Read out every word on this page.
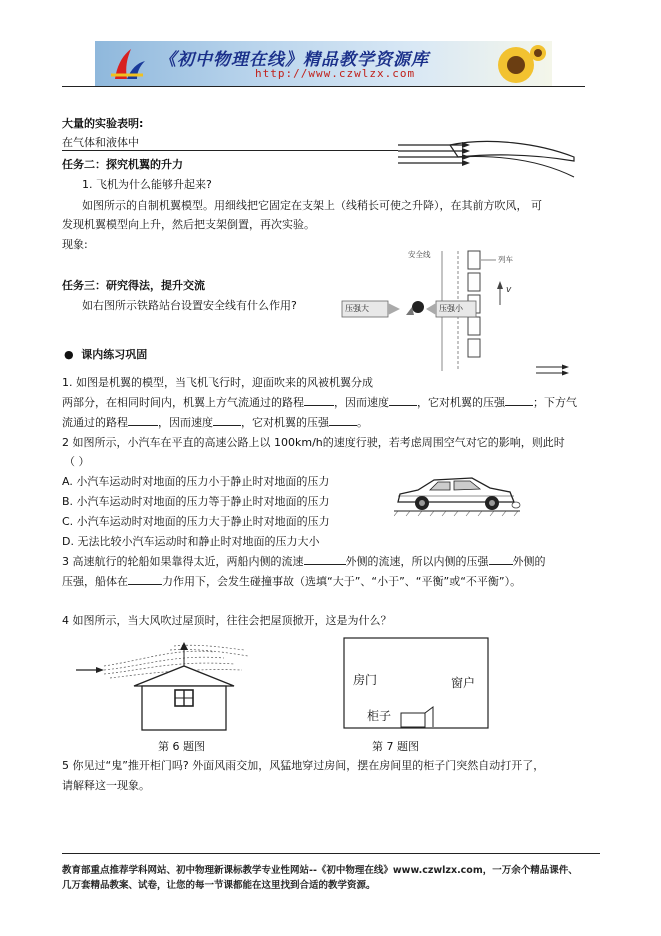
《初中物理在线》精品教学资源库
http://www.czwlzx.com
大量的实验表明:
在气体和液体中
任务二：探究机翼的升力
1. 飞机为什么能够升起来?
如图所示的自制机翼模型。用细线把它固定在支架上（线稍长可使之升降），在其前方吹风， 可
发现机翼模型向上升，然后把支架倒置，再次实验。
现象:
任务三：研究得法，提升交流
如右图所示铁路站台设置安全线有什么作用?
安全线
列车
v
压强大	压强小
●  课内练习巩固
1. 如图是机翼的模型，当飞机飞行时，迎面吹来的风被机翼分成
两部分，在相同时间内，机翼上方气流通过的路程	，因而速度	，它对机翼的压强	；下方气
流通过的路程	，因而速度	，它对机翼的压强	。
2 如图所示，小汽车在平直的高速公路上以 100km/h的速度行驶，若考虑周围空气对它的影响，则此时
（ ）
A. 小汽车运动时对地面的压力小于静止时对地面的压力
B. 小汽车运动时对地面的压力等于静止时对地面的压力
C. 小汽车运动时对地面的压力大于静止时对地面的压力
D. 无法比较小汽车运动时和静止时对地面的压力大小
3 高速航行的轮船如果靠得太近，两船内侧的流速	外侧的流速，所以内侧的压强 外侧的
压强，船体在	力作用下，会发生碰撞事故（选填“大于”、“小于”、“平衡”或“不平衡”）。
4 如图所示，当大风吹过屋顶时，往往会把屋顶掀开，这是为什么？
房门	窗户
柜子
第 6 题图	第 7 题图
5 你见过“鬼”推开柜门吗? 外面风雨交加，风猛地穿过房间，摆在房间里的柜子门突然自动打开了，
请解释这一现象。
教育部重点推荐学科网站、初中物理新课标教学专业性网站--《初中物理在线》www.czwlzx.com，一万余个精品课件、
几万套精品教案、试卷，让您的每一节课都能在这里找到合适的教学资源。
